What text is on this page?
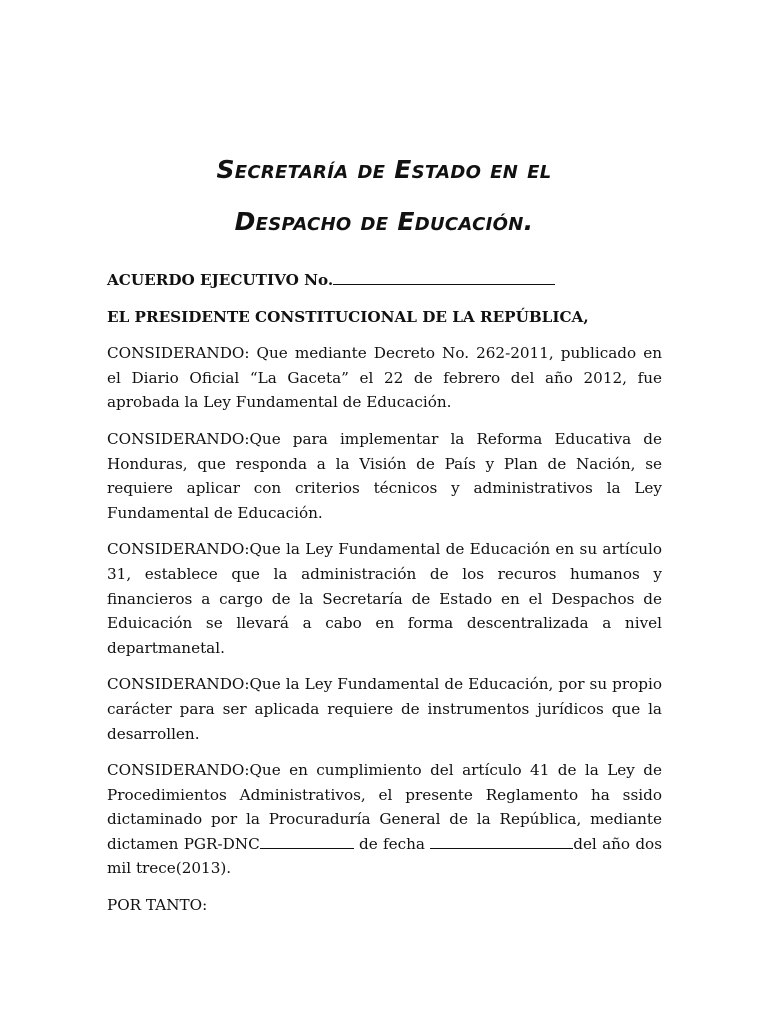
Secretaría de Estado en el
Despacho de Educación.

ACUERDO EJECUTIVO No.

EL PRESIDENTE CONSTITUCIONAL DE LA REPÚBLICA,

CONSIDERANDO: Que mediante Decreto No. 262-2011, publicado en el Diario Oficial “La Gaceta” el 22 de febrero del año 2012, fue aprobada la Ley Fundamental de Educación.

CONSIDERANDO:Que para implementar la Reforma Educativa de Honduras, que responda a la Visión de País y Plan de Nación, se requiere aplicar con criterios técnicos y administrativos la Ley Fundamental de Educación.

CONSIDERANDO:Que la Ley Fundamental de Educación en su artículo 31, establece que la administración de los recuros humanos y financieros a cargo de la Secretaría de Estado en el Despachos de Eduicación se llevará a cabo en forma descentralizada a nivel departmanetal.

CONSIDERANDO:Que la Ley Fundamental de Educación, por su propio carácter para ser aplicada requiere de instrumentos jurídicos que la desarrollen.

CONSIDERANDO:Que en cumplimiento del artículo 41 de la Ley de Procedimientos Administrativos, el presente Reglamento ha ssido dictaminado por la Procuraduría General de la República, mediante dictamen PGR-DNC	de fecha	del año dos mil trece(2013).

POR TANTO:
